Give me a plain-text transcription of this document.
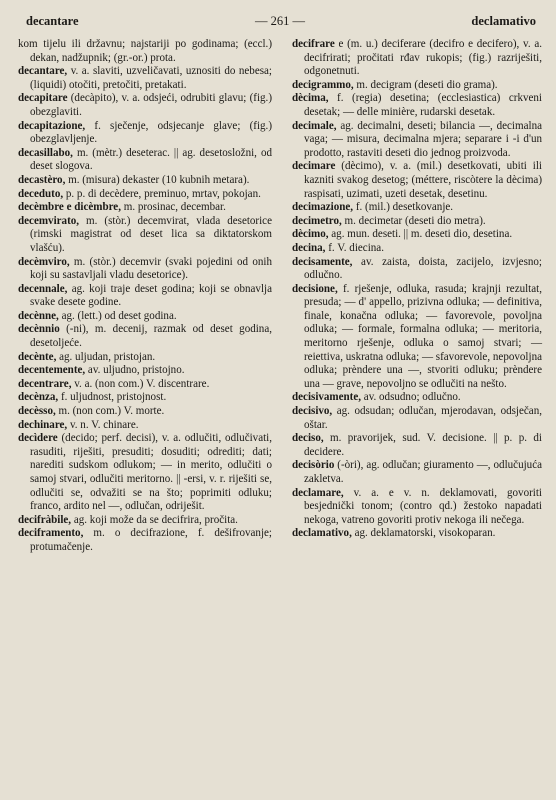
decantare	— 261 —	declamativo

kom tijelu ili državnu; najstariji po godinama; (eccl.) dekan, nadžupnik; (gr.-or.) prota.

decantare, v. a. slaviti, uzveličavati, uznositi do nebesa; (liquidi) otočiti, pretočiti, pretakati.

decapitare (decàpito), v. a. odsjeći, odrubiti glavu; (fig.) obezglaviti.

decapitazione, f. sječenje, odsjecanje glave; (fig.) obezglavljenje.

decasillabo, m. (mètr.) deseterac. || ag. desetosložni, od deset slogova.

decastèro, m. (misura) dekaster (10 kubnih metara).

deceduto, p. p. di decèdere, preminuo, mrtav, pokojan.

decèmbre e dicèmbre, m. prosinac, decembar.

decemvirato, m. (stòr.) decemvirat, vlada desetorice (rimski magistrat od deset lica sa diktatorskom vlašću).

decèmviro, m. (stòr.) decemvir (svaki pojedini od onih koji su sastavljali vladu desetorice).

decennale, ag. koji traje deset godina; koji se obnavlja svake desete godine.

decènne, ag. (lett.) od deset godina.

decènnio (-ni), m. decenij, razmak od deset godina, desetoljeće.

decènte, ag. uljudan, pristojan.

decentemente, av. uljudno, pristojno.

decentrare, v. a. (non com.) V. discentrare.

decènza, f. uljudnost, pristojnost.

decèsso, m. (non com.) V. morte.

dechinare, v. n. V. chinare.

decìdere (decido; perf. decisi), v. a. odlučiti, odlučivati, rasuditi, riješiti, presuditi; dosuditi; odrediti; dati; narediti sudskom odlukom; — in merito, odlučiti o samoj stvari, odlučiti meritorno. || -ersi, v. r. riješiti se, odlučiti se, odvažiti se na što; poprimiti odluku; franco, ardito nel —, odlučan, odriješit.

decifràbile, ag. koji može da se decifrira, pročita.

deciframento, m. o decifrazione, f. dešifrovanje; protumačenje.

decifrare e (m. u.) deciferare (decifro e decifero), v. a. decifrirati; pročitati rđav rukopis; (fig.) razriješiti, odgonetnuti.

decigrammo, m. decigram (deseti dio grama).

dècima, f. (regia) desetina; (ecclesiastica) crkveni desetak; — delle minière, rudarski desetak.

decimale, ag. decimalni, deseti; bilancia —, decimalna vaga; — misura, decimalna mjera; separare i -i d'un prodotto, rastaviti deseti dio jednog proizvoda.

decimare (dècimo), v. a. (mil.) desetkovati, ubiti ili kazniti svakog desetog; (méttere, riscòtere la dècima) raspisati, uzimati, uzeti desetak, desetinu.

decimazione, f. (mil.) desetkovanje.

decimetro, m. decimetar (deseti dio metra).

dècimo, ag. mun. deseti. || m. deseti dio, desetina.

decina, f. V. diecina.

decisamente, av. zaista, doista, zacijelo, izvjesno; odlučno.

decisione, f. rješenje, odluka, rasuda; krajnji rezultat, presuda; — d' appello, prizivna odluka; — definitiva, finale, konačna odluka; — favorevole, povoljna odluka; — formale, formalna odluka; — meritoria, meritorno rješenje, odluka o samoj stvari; — reiettiva, uskratna odluka; — sfavorevole, nepovoljna odluka; prèndere una —, stvoriti odluku; prèndere una — grave, nepovoljno se odlučiti na nešto.

decisivamente, av. odsudno; odlučno.

decisivo, ag. odsudan; odlučan, mjerodavan, odsječan, oštar.

deciso, m. pravorijek, sud. V. decisione. || p. p. di decidere.

decisòrio (-òri), ag. odlučan; giuramento —, odlučujuća zakletva.

declamare, v. a. e v. n. deklamovati, govoriti besjednički tonom; (contro qd.) žestoko napadati nekoga, vatreno govoriti protiv nekoga ili nečega.

declamativo, ag. deklamatorski, visokoparan.
